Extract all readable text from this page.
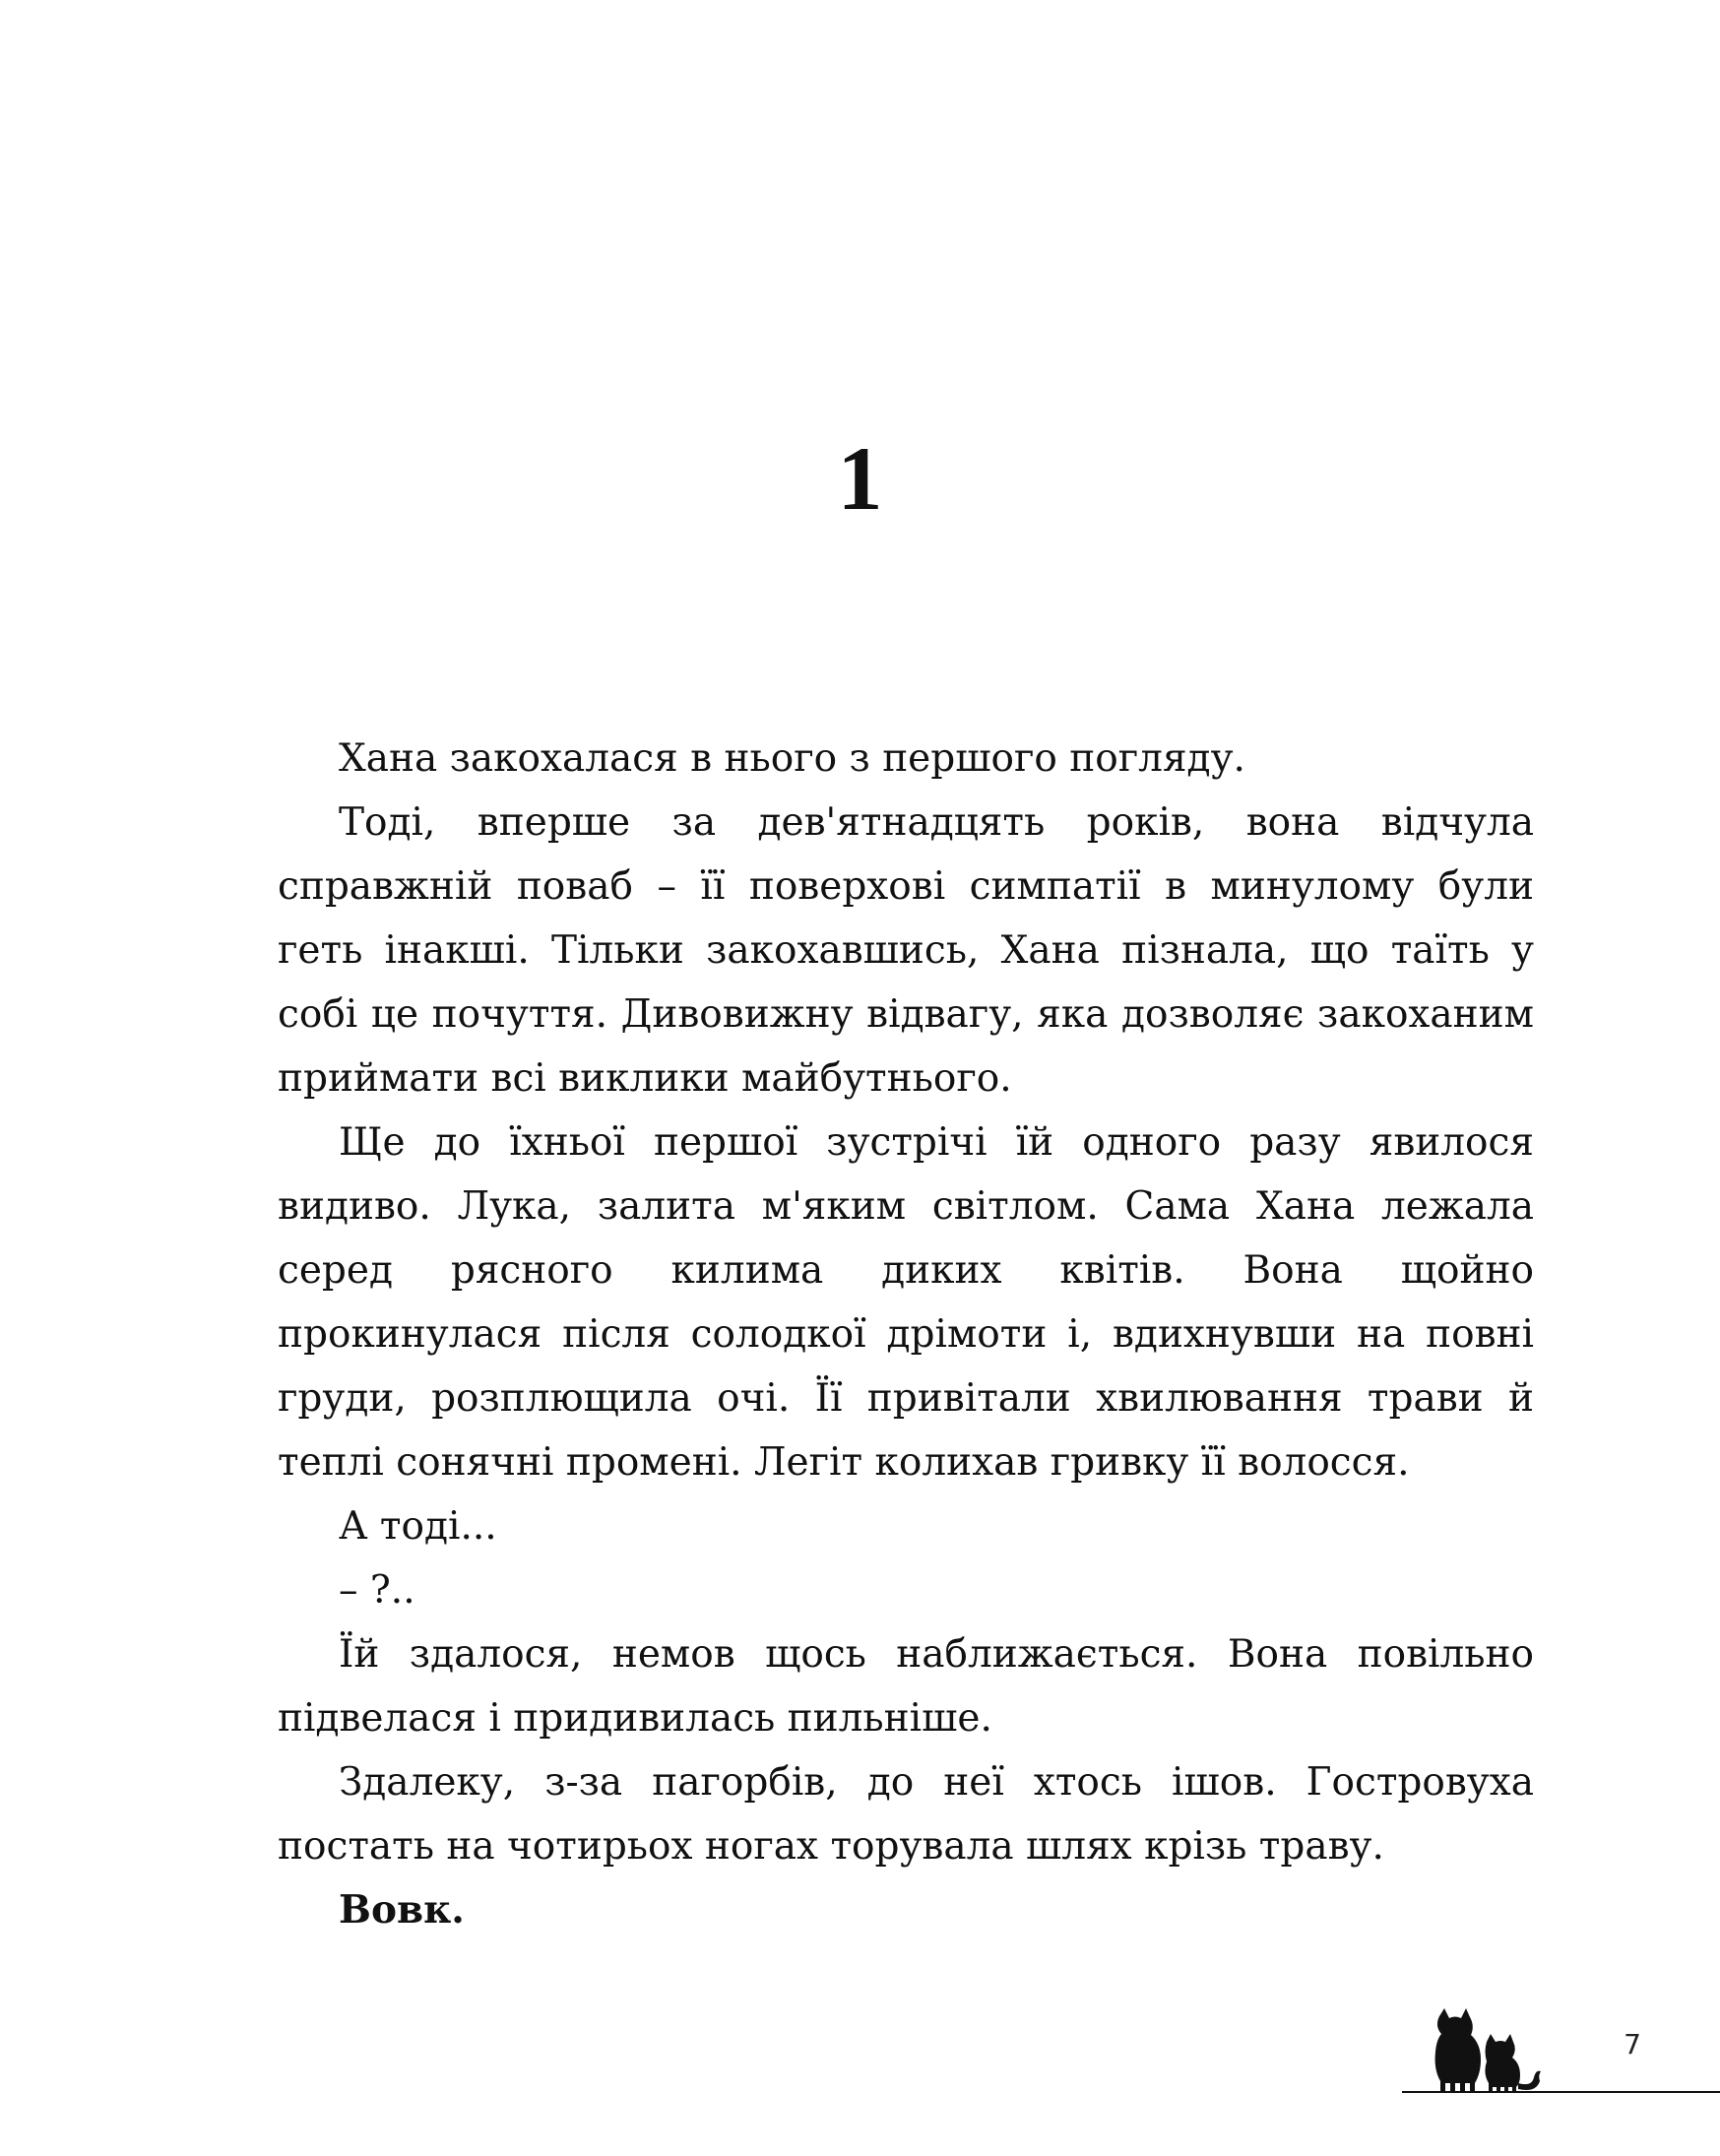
1

Хана закохалася в нього з першого погляду.

Тоді, вперше за дев'ятнадцять років, вона відчула справжній поваб – її поверхові симпатії в минулому були геть інакші. Тільки закохавшись, Хана пізнала, що таїть у собі це почуття. Дивовижну відвагу, яка дозволяє закоханим приймати всі виклики майбутнього.

Ще до їхньої першої зустрічі їй одного разу явилося видиво. Лука, залита м'яким світлом. Сама Хана лежала серед рясного килима диких квітів. Вона щойно прокинулася після солодкої дрімоти і, вдихнувши на повні груди, розплющила очі. Її привітали хвилювання трави й теплі сонячні промені. Легіт колихав гривку її волосся.

А тоді...

– ?..

Їй здалося, немов щось наближається. Вона повільно підвелася і придивилась пильніше.

Здалеку, з-за пагорбів, до неї хтось ішов. Гостровуха постать на чотирьох ногах торувала шлях крізь траву.

Вовк.

7
